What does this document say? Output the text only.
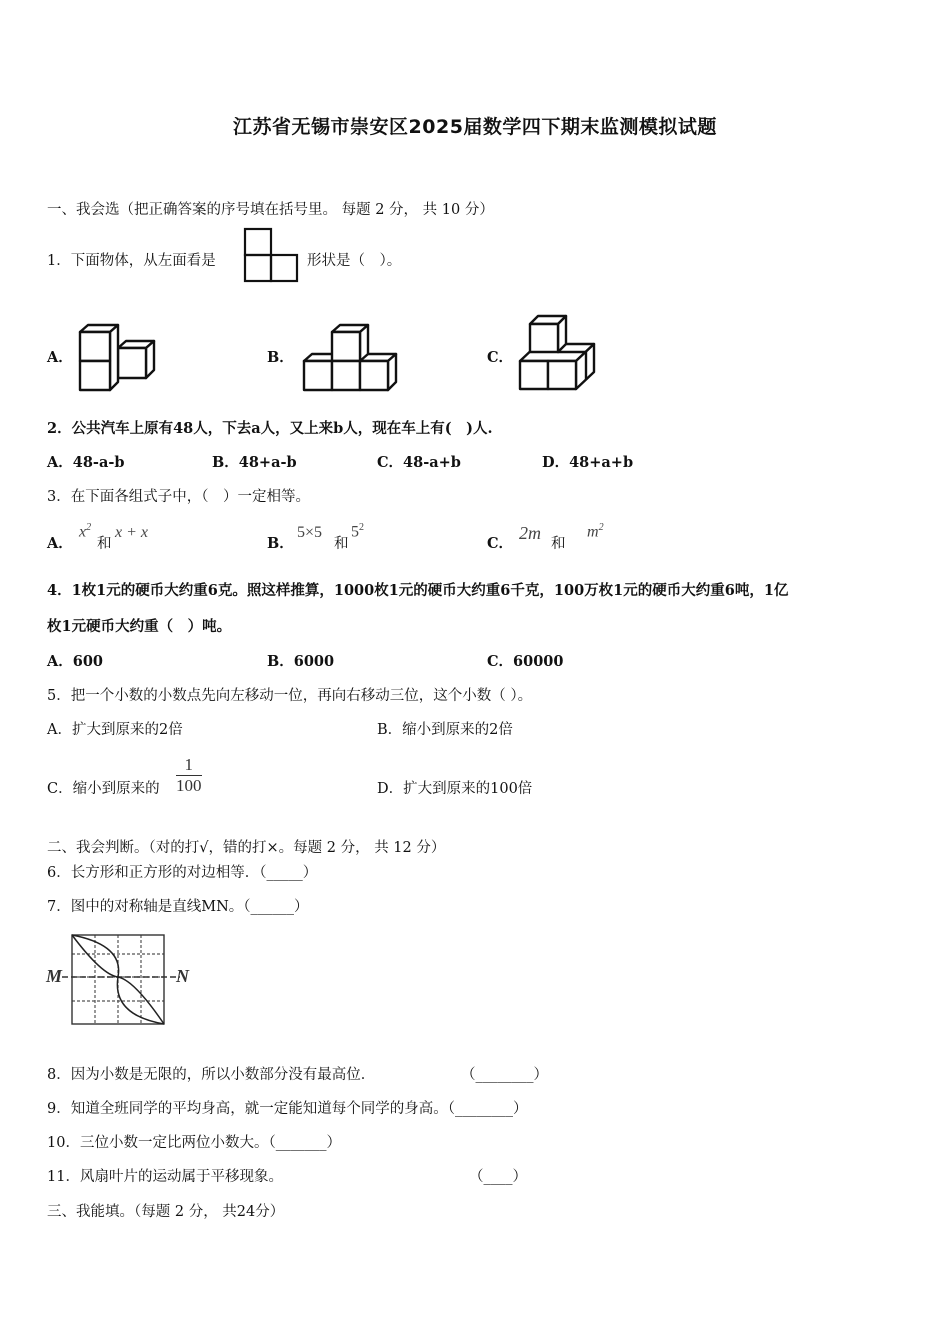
江苏省无锡市崇安区2025届数学四下期末监测模拟试题
一、我会选（把正确答案的序号填在括号里。 每题 2 分， 共 10 分）
1．下面物体，从左面看是	形状是（　）。
A．	B．	C．
2．公共汽车上原有48人，下去a人，又上来b人，现在车上有(　)人.
A．48-a-b	B．48+a-b	C．48-a+b	D．48+a+b
3．在下面各组式子中，（　）一定相等。
A．
$x^2$
和
x + x
B．
5×5
和
$5^2$
C．
2m
和
$m^2$
4．1枚1元的硬币大约重6克。照这样推算，1000枚1元的硬币大约重6千克，100万枚1元的硬币大约重6吨，1亿
枚1元硬币大约重（　）吨。
A．600	B．6000	C．60000
5．把一个小数的小数点先向左移动一位，再向右移动三位，这个小数（ ）。
A．扩大到原来的2倍	B．缩小到原来的2倍
C．缩小到原来的 $\frac{1}{100}$	D．扩大到原来的100倍
二、我会判断。（对的打√，错的打×。每题 2 分， 共 12 分）
6．长方形和正方形的对边相等．（_____）
7．图中的对称轴是直线MN。（______）
M	N
8．因为小数是无限的，所以小数部分没有最高位．	（________）
9．知道全班同学的平均身高，就一定能知道每个同学的身高。（________）
10．三位小数一定比两位小数大。（_______）
11．风扇叶片的运动属于平移现象。	（____）
三、我能填。（每题 2 分， 共24分）
